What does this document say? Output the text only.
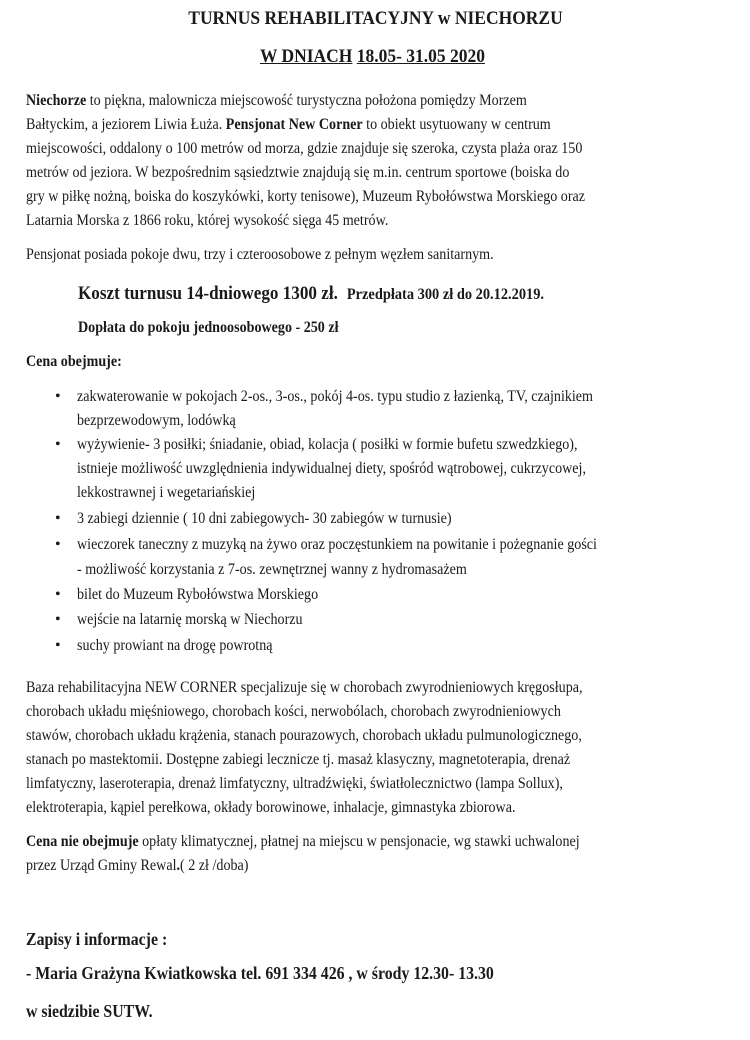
TURNUS REHABILITACYJNY w NIECHORZU
W DNIACH 18.05- 31.05 2020
Niechorze to piękna, malownicza miejscowość turystyczna położona pomiędzy Morzem
Bałtyckim, a jeziorem Liwia Łuża. Pensjonat New Corner to obiekt usytuowany w centrum
miejscowości, oddalony o 100 metrów od morza, gdzie znajduje się szeroka, czysta plaża oraz 150
metrów od jeziora. W bezpośrednim sąsiedztwie znajdują się m.in. centrum sportowe (boiska do
gry w piłkę nożną, boiska do koszykówki, korty tenisowe), Muzeum Rybołówstwa Morskiego oraz
Latarnia Morska z 1866 roku, której wysokość sięga 45 metrów.
Pensjonat posiada pokoje dwu, trzy i czteroosobowe z pełnym węzłem sanitarnym.
Koszt turnusu 14-dniowego 1300 zł. Przedpłata 300 zł do 20.12.2019.
Dopłata do pokoju jednoosobowego - 250 zł
Cena obejmuje:
• zakwaterowanie w pokojach 2-os., 3-os., pokój 4-os. typu studio z łazienką, TV, czajnikiem
bezprzewodowym, lodówką
• wyżywienie- 3 posiłki; śniadanie, obiad, kolacja ( posiłki w formie bufetu szwedzkiego),
istnieje możliwość uwzględnienia indywidualnej diety, spośród wątrobowej, cukrzycowej,
lekkostrawnej i wegetariańskiej
• 3 zabiegi dziennie ( 10 dni zabiegowych- 30 zabiegów w turnusie)
• wieczorek taneczny z muzyką na żywo oraz poczęstunkiem na powitanie i pożegnanie gości
- możliwość korzystania z 7-os. zewnętrznej wanny z hydromasażem
• bilet do Muzeum Rybołówstwa Morskiego
• wejście na latarnię morską w Niechorzu
• suchy prowiant na drogę powrotną
Baza rehabilitacyjna NEW CORNER specjalizuje się w chorobach zwyrodnieniowych kręgosłupa,
chorobach układu mięśniowego, chorobach kości, nerwobólach, chorobach zwyrodnieniowych
stawów, chorobach układu krążenia, stanach pourazowych, chorobach układu pulmunologicznego,
stanach po mastektomii. Dostępne zabiegi lecznicze tj. masaż klasyczny, magnetoterapia, drenaż
limfatyczny, laseroterapia, drenaż limfatyczny, ultradźwięki, światłolecznictwo (lampa Sollux),
elektroterapia, kąpiel perełkowa, okłady borowinowe, inhalacje, gimnastyka zbiorowa.
Cena nie obejmuje opłaty klimatycznej, płatnej na miejscu w pensjonacie, wg stawki uchwalonej
przez Urząd Gminy Rewal.( 2 zł /doba)
Zapisy i informacje :
- Maria Grażyna Kwiatkowska tel. 691 334 426 , w środy 12.30- 13.30
w siedzibie SUTW.
